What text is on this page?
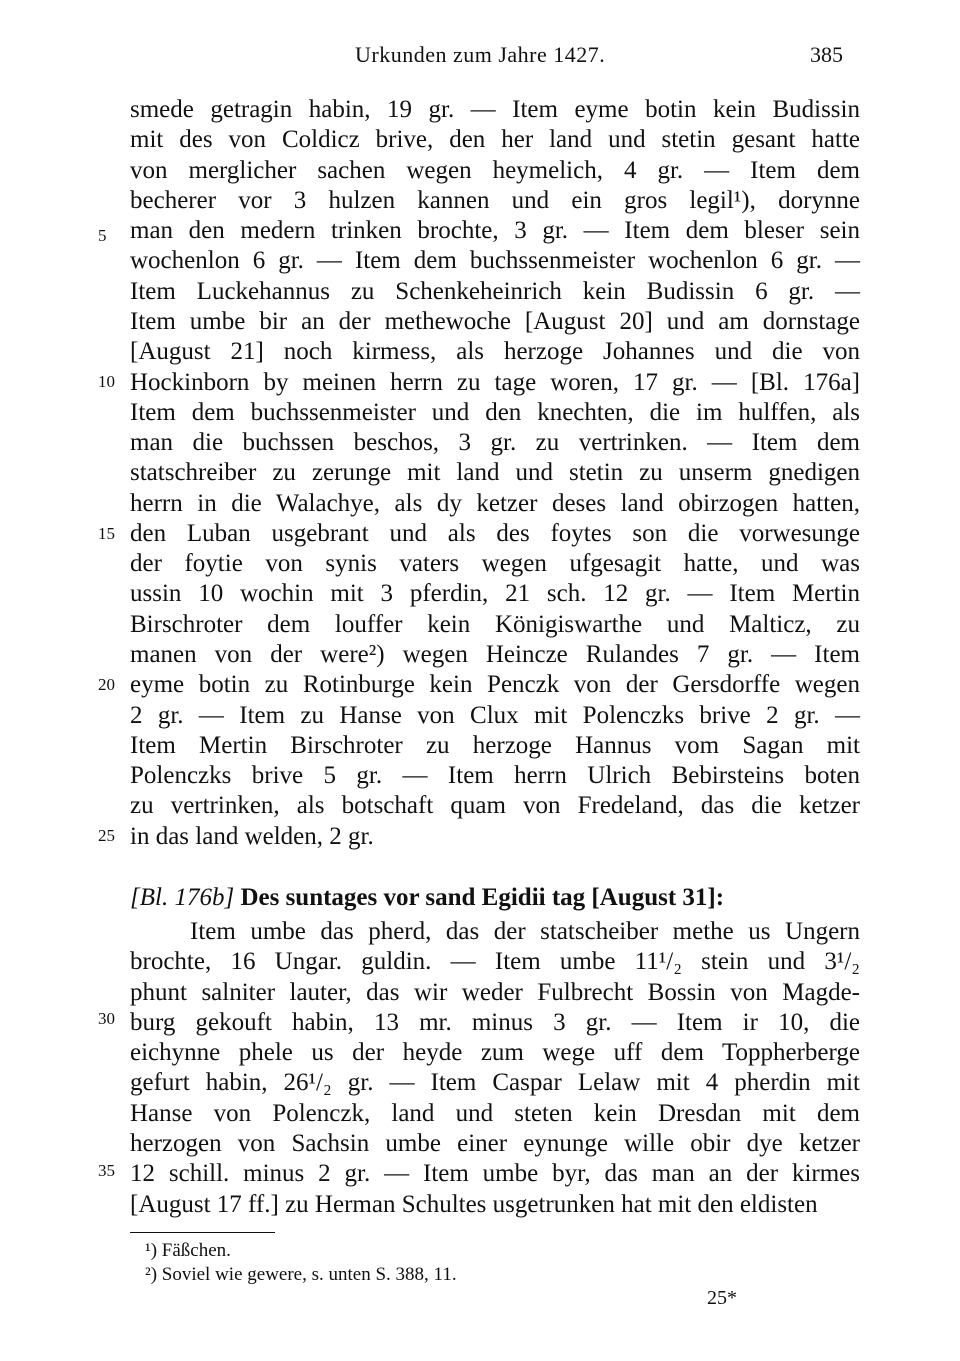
Urkunden zum Jahre 1427.	385
smede getragin habin, 19 gr. — Item eyme botin kein Budissin
mit des von Coldicz brive, den her land und stetin gesant hatte
von merglicher sachen wegen heymelich, 4 gr. — Item dem
becherer vor 3 hulzen kannen und ein gros legil¹), dorynne
man den medern trinken brochte, 3 gr. — Item dem bleser sein
wochenlon 6 gr. — Item dem buchssenmeister wochenlon 6 gr. —
Item Luckehannus zu Schenkeheinrich kein Budissin 6 gr. —
Item umbe bir an der methewoche [August 20] und am dornstage
[August 21] noch kirmess, als herzoge Johannes und die von
Hockinborn by meinen herrn zu tage woren, 17 gr. — [Bl. 176a]
Item dem buchssenmeister und den knechten, die im hulffen, als
man die buchssen beschos, 3 gr. zu vertrinken. — Item dem
statschreiber zu zerunge mit land und stetin zu unserm gnedigen
herrn in die Walachye, als dy ketzer deses land obirzogen hatten,
den Luban usgebrant und als des foytes son die vorwesunge
der foytie von synis vaters wegen ufgesagit hatte, und was
ussin 10 wochin mit 3 pferdin, 21 sch. 12 gr. — Item Mertin
Birschroter dem louffer kein Königiswarthe und Malticz, zu
manen von der were²) wegen Heincze Rulandes 7 gr. — Item
eyme botin zu Rotinburge kein Penczk von der Gersdorffe wegen
2 gr. — Item zu Hanse von Clux mit Polenczks brive 2 gr. —
Item Mertin Birschroter zu herzoge Hannus vom Sagan mit
Polenczks brive 5 gr. — Item herrn Ulrich Bebirsteins boten
zu vertrinken, als botschaft quam von Fredeland, das die ketzer
in das land welden, 2 gr.
Item umbe das pherd, das der statscheiber methe us Ungern
brochte, 16 Ungar. guldin. — Item umbe 11¹/₂ stein und 3¹/₂
phunt salniter lauter, das wir weder Fulbrecht Bossin von Magde-
burg gekouft habin, 13 mr. minus 3 gr. — Item ir 10, die
eichynne phele us der heyde zum wege uff dem Toppherberge
gefurt habin, 26¹/₂ gr. — Item Caspar Lelaw mit 4 pherdin mit
Hanse von Polenczk, land und steten kein Dresdan mit dem
herzogen von Sachsin umbe einer eynunge wille obir dye ketzer
12 schill. minus 2 gr. — Item umbe byr, das man an der kirmes
[August 17 ff.] zu Herman Schultes usgetrunken hat mit den eldisten
5
10
15
20
25
30
35
[Bl. 176b] Des suntages vor sand Egidii tag [August 31]:
¹) Fäßchen.
²) Soviel wie gewere, s. unten S. 388, 11.
25*
